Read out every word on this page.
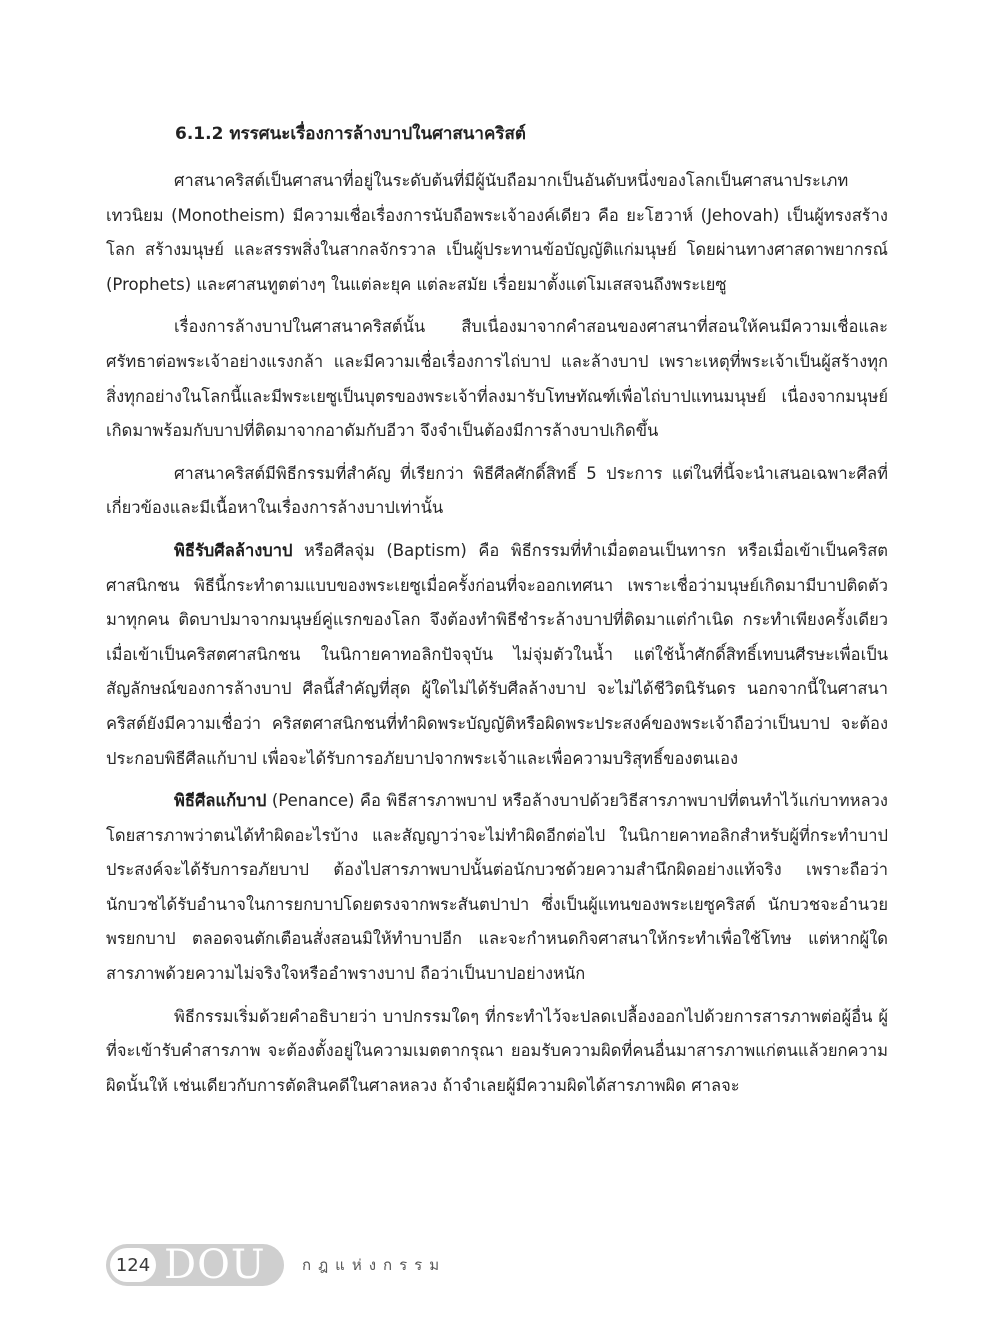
6.1.2 ทรรศนะเรื่องการล้างบาปในศาสนาคริสต์

ศาสนาคริสต์เป็นศาสนาที่อยู่ในระดับต้นที่มีผู้นับถือมากเป็นอันดับหนึ่งของโลกเป็นศาสนาประเภทเทวนิยม (Monotheism) มีความเชื่อเรื่องการนับถือพระเจ้าองค์เดียว คือ ยะโฮวาห์ (Jehovah) เป็นผู้ทรงสร้างโลก สร้างมนุษย์ และสรรพสิ่งในสากลจักรวาล เป็นผู้ประทานข้อบัญญัติแก่มนุษย์ โดยผ่านทางศาสดาพยากรณ์ (Prophets) และศาสนทูตต่างๆ ในแต่ละยุค แต่ละสมัย เรื่อยมาตั้งแต่โมเสสจนถึงพระเยซู

เรื่องการล้างบาปในศาสนาคริสต์นั้น สืบเนื่องมาจากคำสอนของศาสนาที่สอนให้คนมีความเชื่อและศรัทธาต่อพระเจ้าอย่างแรงกล้า และมีความเชื่อเรื่องการไถ่บาป และล้างบาป เพราะเหตุที่พระเจ้าเป็นผู้สร้างทุกสิ่งทุกอย่างในโลกนี้และมีพระเยซูเป็นบุตรของพระเจ้าที่ลงมารับโทษทัณฑ์เพื่อไถ่บาปแทนมนุษย์ เนื่องจากมนุษย์เกิดมาพร้อมกับบาปที่ติดมาจากอาดัมกับอีวา จึงจำเป็นต้องมีการล้างบาปเกิดขึ้น

ศาสนาคริสต์มีพิธีกรรมที่สำคัญ ที่เรียกว่า พิธีศีลศักดิ์สิทธิ์ 5 ประการ แต่ในที่นี้จะนำเสนอเฉพาะศีลที่เกี่ยวข้องและมีเนื้อหาในเรื่องการล้างบาปเท่านั้น

พิธีรับศีลล้างบาป หรือศีลจุ่ม (Baptism) คือ พิธีกรรมที่ทำเมื่อตอนเป็นทารก หรือเมื่อเข้าเป็นคริสตศาสนิกชน พิธีนี้กระทำตามแบบของพระเยซูเมื่อครั้งก่อนที่จะออกเทศนา เพราะเชื่อว่ามนุษย์เกิดมามีบาปติดตัวมาทุกคน ติดบาปมาจากมนุษย์คู่แรกของโลก จึงต้องทำพิธีชำระล้างบาปที่ติดมาแต่กำเนิด กระทำเพียงครั้งเดียวเมื่อเข้าเป็นคริสตศาสนิกชน ในนิกายคาทอลิกปัจจุบัน ไม่จุ่มตัวในน้ำ แต่ใช้น้ำศักดิ์สิทธิ์เทบนศีรษะเพื่อเป็นสัญลักษณ์ของการล้างบาป ศีลนี้สำคัญที่สุด ผู้ใดไม่ได้รับศีลล้างบาป จะไม่ได้ชีวิตนิรันดร นอกจากนี้ในศาสนาคริสต์ยังมีความเชื่อว่า คริสตศาสนิกชนที่ทำผิดพระบัญญัติหรือผิดพระประสงค์ของพระเจ้าถือว่าเป็นบาป จะต้องประกอบพิธีศีลแก้บาป เพื่อจะได้รับการอภัยบาปจากพระเจ้าและเพื่อความบริสุทธิ์ของตนเอง

พิธีศีลแก้บาป (Penance) คือ พิธีสารภาพบาป หรือล้างบาปด้วยวิธีสารภาพบาปที่ตนทำไว้แก่บาทหลวง โดยสารภาพว่าตนได้ทำผิดอะไรบ้าง และสัญญาว่าจะไม่ทำผิดอีกต่อไป ในนิกายคาทอลิกสำหรับผู้ที่กระทำบาป ประสงค์จะได้รับการอภัยบาป ต้องไปสารภาพบาปนั้นต่อนักบวชด้วยความสำนึกผิดอย่างแท้จริง เพราะถือว่านักบวชได้รับอำนาจในการยกบาปโดยตรงจากพระสันตปาปา ซึ่งเป็นผู้แทนของพระเยซูคริสต์ นักบวชจะอำนวยพรยกบาป ตลอดจนตักเตือนสั่งสอนมิให้ทำบาปอีก และจะกำหนดกิจศาสนาให้กระทำเพื่อใช้โทษ แต่หากผู้ใดสารภาพด้วยความไม่จริงใจหรืออำพรางบาป ถือว่าเป็นบาปอย่างหนัก

พิธีกรรมเริ่มด้วยคำอธิบายว่า บาปกรรมใดๆ ที่กระทำไว้จะปลดเปลื้องออกไปด้วยการสารภาพต่อผู้อื่น ผู้ที่จะเข้ารับคำสารภาพ จะต้องตั้งอยู่ในความเมตตากรุณา ยอมรับความผิดที่คนอื่นมาสารภาพแก่ตนแล้วยกความผิดนั้นให้ เช่นเดียวกับการตัดสินคดีในศาลหลวง ถ้าจำเลยผู้มีความผิดได้สารภาพผิด ศาลจะ

124 DOU กฎแห่งกรรม
